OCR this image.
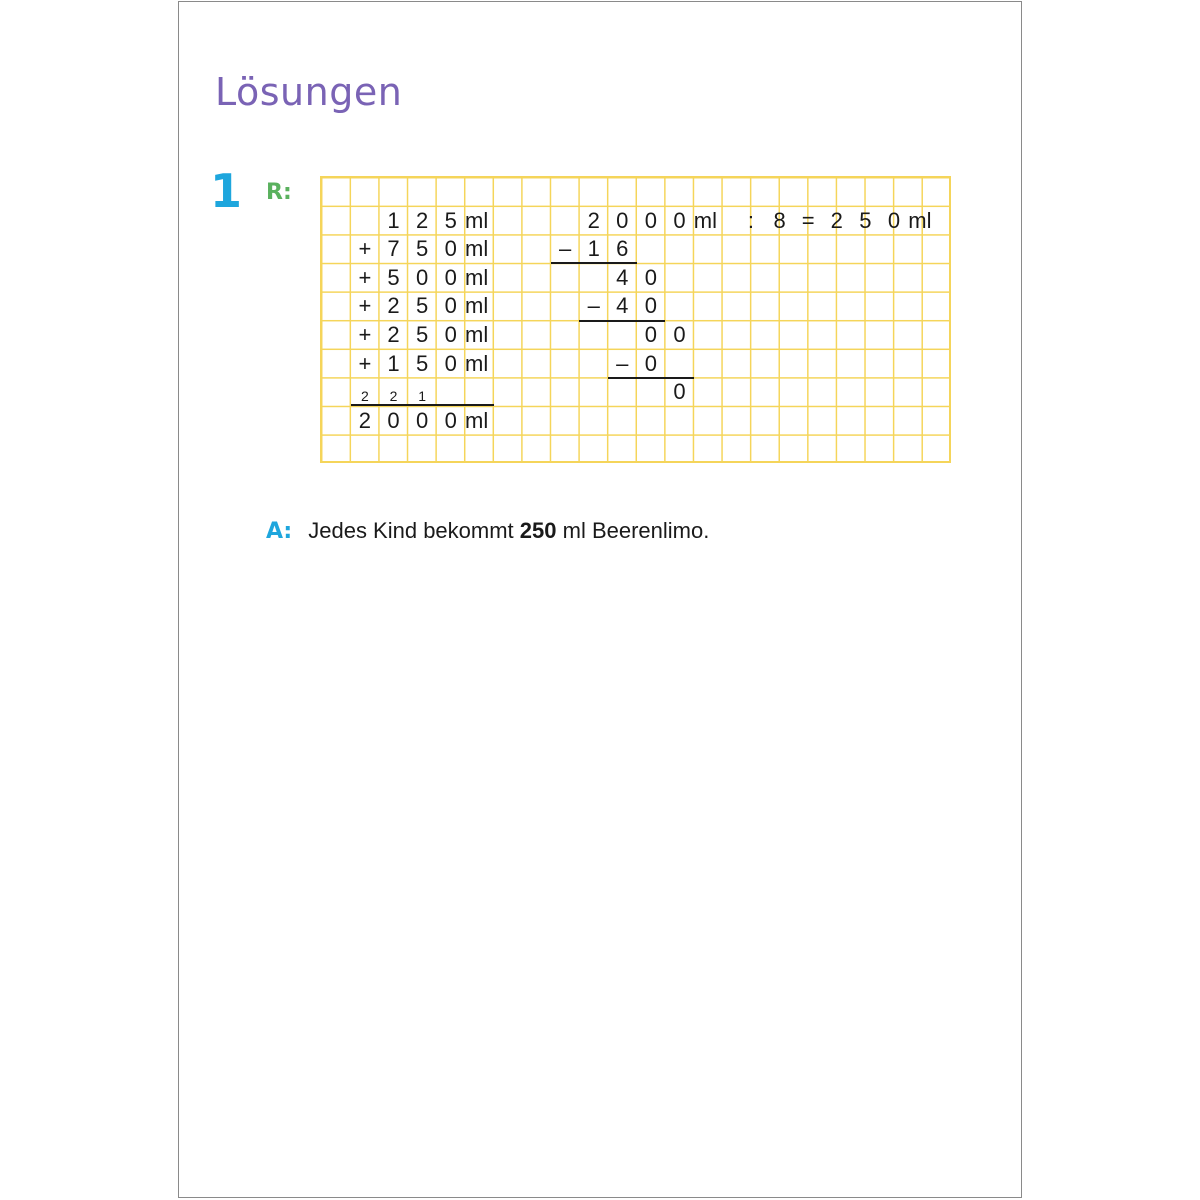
Lösungen
1 R:
1 2 5 ml
+ 7 5 0 ml
+ 5 0 0 ml
+ 2 5 0 ml
+ 2 5 0 ml
+ 1 5 0 ml
2	2	1
2 0 0 0 ml
2 0 0 0 ml	: 8 = 2 5 0 ml
– 1 6
4 0
– 4 0
0 0
– 0
0
A: Jedes Kind bekommt 250 ml Beerenlimo.
